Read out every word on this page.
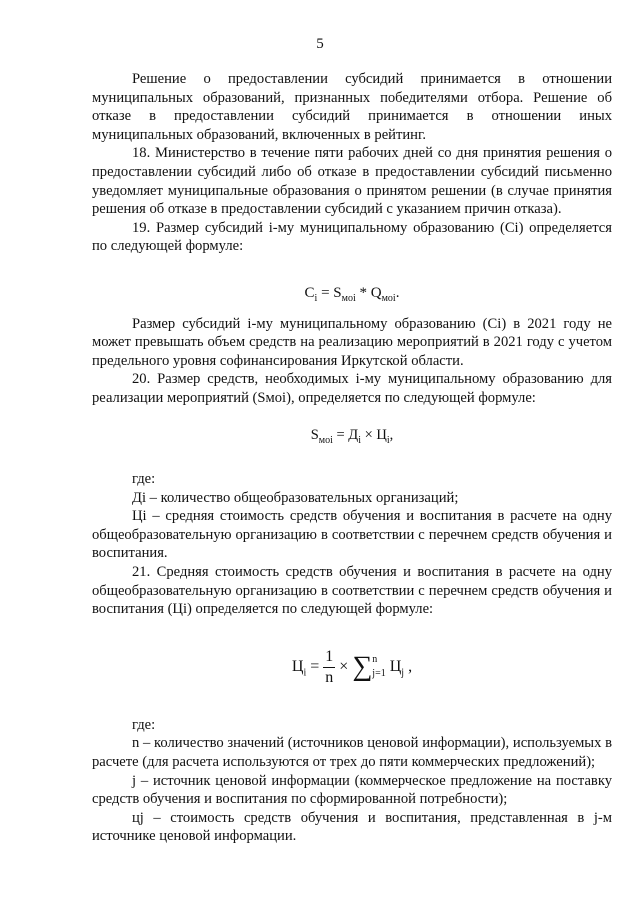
5

Решение о предоставлении субсидий принимается в отношении муниципальных образований, признанных победителями отбора. Решение об отказе в предоставлении субсидий принимается в отношении иных муниципальных образований, включенных в рейтинг.

18. Министерство в течение пяти рабочих дней со дня принятия решения о предоставлении субсидий либо об отказе в предоставлении субсидий письменно уведомляет муниципальные образования о принятом решении (в случае принятия решения об отказе в предоставлении субсидий с указанием причин отказа).

19. Размер субсидий i-му муниципальному образованию (Сi) определяется по следующей формуле:

$C_i = S_{мoi} * Q_{мoi}$.

Размер субсидий i-му муниципальному образованию (Сi) в 2021 году не может превышать объем средств на реализацию мероприятий в 2021 году с учетом предельного уровня софинансирования Иркутской области.

20. Размер средств, необходимых i-му муниципальному образованию для реализации мероприятий (Sмоi), определяется по следующей формуле:

$S_{мoi} = Д_i \times Ц_i$,

где:

Дi – количество общеобразовательных организаций;

Цi – средняя стоимость средств обучения и воспитания в расчете на одну общеобразовательную организацию в соответствии с перечнем средств обучения и воспитания.

21. Средняя стоимость средств обучения и воспитания в расчете на одну общеобразовательную организацию в соответствии с перечнем средств обучения и воспитания (Цi) определяется по следующей формуле:

$Ц_i = \frac{1}{n} \times \sum n$
j=1 $Ц_j$ ,

где:

n – количество значений (источников ценовой информации), используемых в расчете (для расчета используются от трех до пяти коммерческих предложений);

j – источник ценовой информации (коммерческое предложение на поставку средств обучения и воспитания по сформированной потребности);

цj – стоимость средств обучения и воспитания, представленная в j-м источнике ценовой информации.
